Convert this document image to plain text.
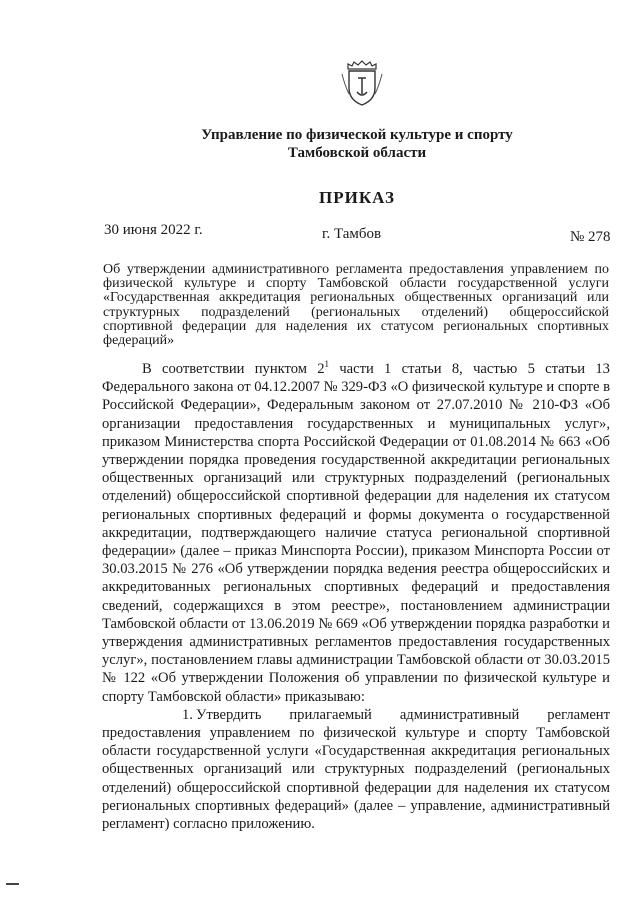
Управление по физической культуре и спорту
Тамбовской области
ПРИКАЗ
30 июня 2022 г.	г. Тамбов	№ 278
Об утверждении административного регламента предоставления управлением по физической культуре и спорту Тамбовской области государственной услуги «Государственная аккредитация региональных общественных организаций или структурных подразделений (региональных отделений) общероссийской спортивной федерации для наделения их статусом региональных спортивных федераций»

В соответствии пунктом $2^1$ части 1 статьи 8, частью 5 статьи 13 Федерального закона от 04.12.2007 № 329-ФЗ «О физической культуре и спорте в Российской Федерации», Федеральным законом от 27.07.2010 № 210-ФЗ «Об организации предоставления государственных и муниципальных услуг», приказом Министерства спорта Российской Федерации от 01.08.2014 № 663 «Об утверждении порядка проведения государственной аккредитации региональных общественных организаций или структурных подразделений (региональных отделений) общероссийской спортивной федерации для наделения их статусом региональных спортивных федераций и формы документа о государственной аккредитации, подтверждающего наличие статуса региональной спортивной федерации» (далее – приказ Минспорта России), приказом Минспорта России от 30.03.2015 № 276 «Об утверждении порядка ведения реестра общероссийских и аккредитованных региональных спортивных федераций и предоставления сведений, содержащихся в этом реестре», постановлением администрации Тамбовской области от 13.06.2019 № 669 «Об утверждении порядка разработки и утверждения административных регламентов предоставления государственных услуг», постановлением главы администрации Тамбовской области от 30.03.2015 № 122 «Об утверждении Положения об управлении по физической культуре и спорту Тамбовской области» приказываю:

1. Утвердить прилагаемый административный регламент предоставления управлением по физической культуре и спорту Тамбовской области государственной услуги «Государственная аккредитация региональных общественных организаций или структурных подразделений (региональных отделений) общероссийской спортивной федерации для наделения их статусом региональных спортивных федераций» (далее – управление, административный регламент) согласно приложению.
